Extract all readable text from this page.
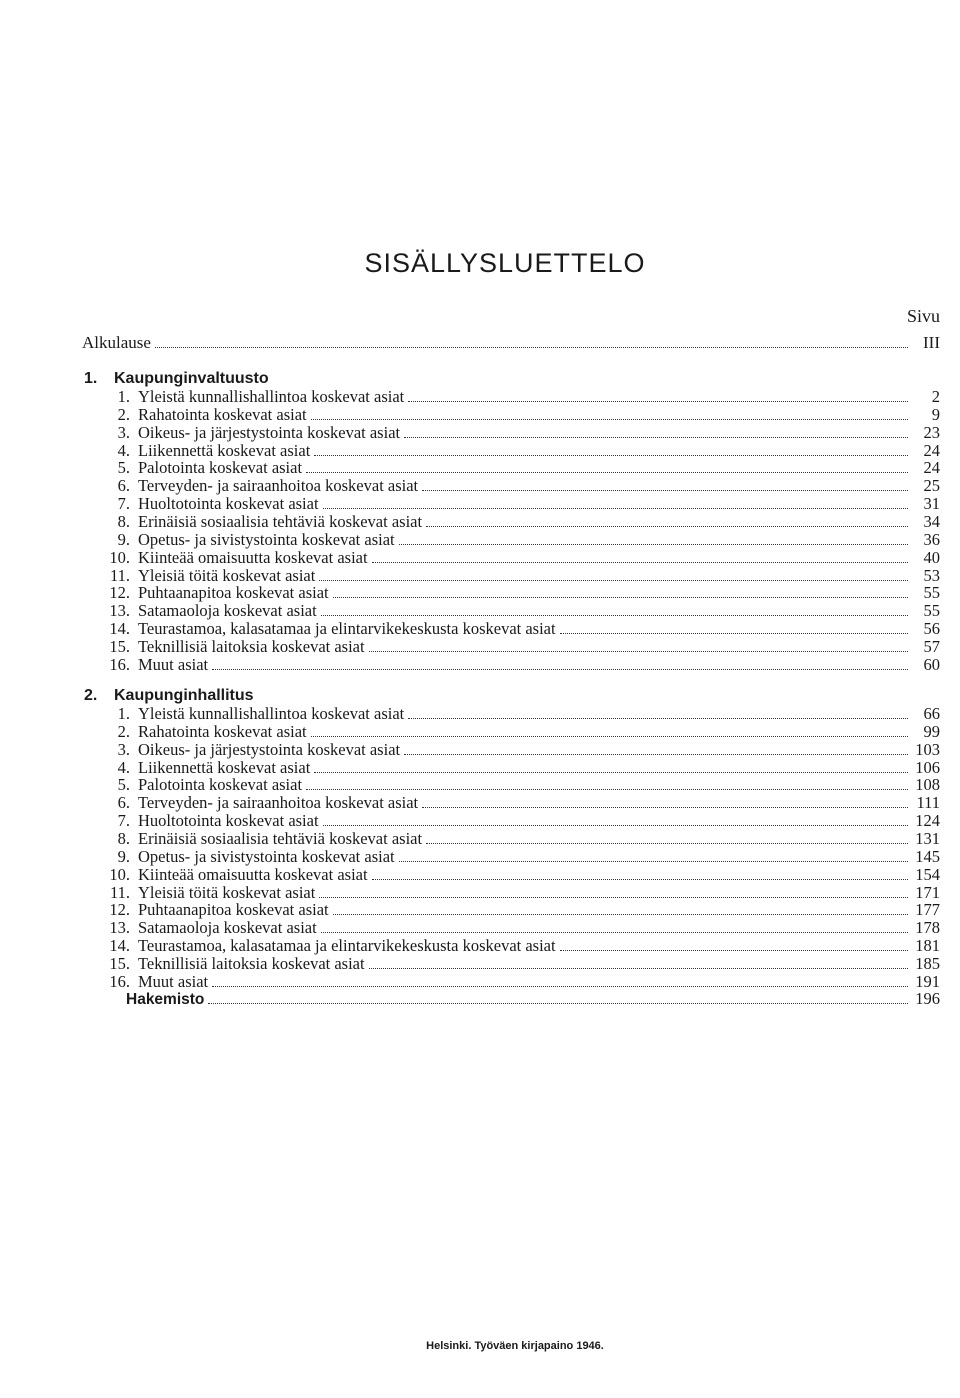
SISÄLLYSLUETTELO
Sivu
Alkulause	III
1.	Kaupunginvaltuusto
1. Yleistä kunnallishallintoa koskevat asiat	2
2. Rahatointa koskevat asiat	9
3. Oikeus- ja järjestystointa koskevat asiat	23
4. Liikennettä koskevat asiat	24
5. Palotointa koskevat asiat	24
6. Terveyden- ja sairaanhoitoa koskevat asiat	25
7. Huoltotointa koskevat asiat	31
8. Erinäisiä sosiaalisia tehtäviä koskevat asiat	34
9. Opetus- ja sivistystointa koskevat asiat	36
10. Kiinteää omaisuutta koskevat asiat	40
11. Yleisiä töitä koskevat asiat	53
12. Puhtaanapitoa koskevat asiat	55
13. Satamaoloja koskevat asiat	55
14. Teurastamoa, kalasatamaa ja elintarvikekeskusta koskevat asiat	56
15. Teknillisiä laitoksia koskevat asiat	57
16. Muut asiat	60
2.	Kaupunginhallitus
1. Yleistä kunnallishallintoa koskevat asiat	66
2. Rahatointa koskevat asiat	99
3. Oikeus- ja järjestystointa koskevat asiat	103
4. Liikennettä koskevat asiat	106
5. Palotointa koskevat asiat	108
6. Terveyden- ja sairaanhoitoa koskevat asiat	111
7. Huoltotointa koskevat asiat	124
8. Erinäisiä sosiaalisia tehtäviä koskevat asiat	131
9. Opetus- ja sivistystointa koskevat asiat	145
10. Kiinteää omaisuutta koskevat asiat	154
11. Yleisiä töitä koskevat asiat	171
12. Puhtaanapitoa koskevat asiat	177
13. Satamaoloja koskevat asiat	178
14. Teurastamoa, kalasatamaa ja elintarvikekeskusta koskevat asiat	181
15. Teknillisiä laitoksia koskevat asiat	185
16. Muut asiat	191
Hakemisto	196
Helsinki. Työväen kirjapaino 1946.
